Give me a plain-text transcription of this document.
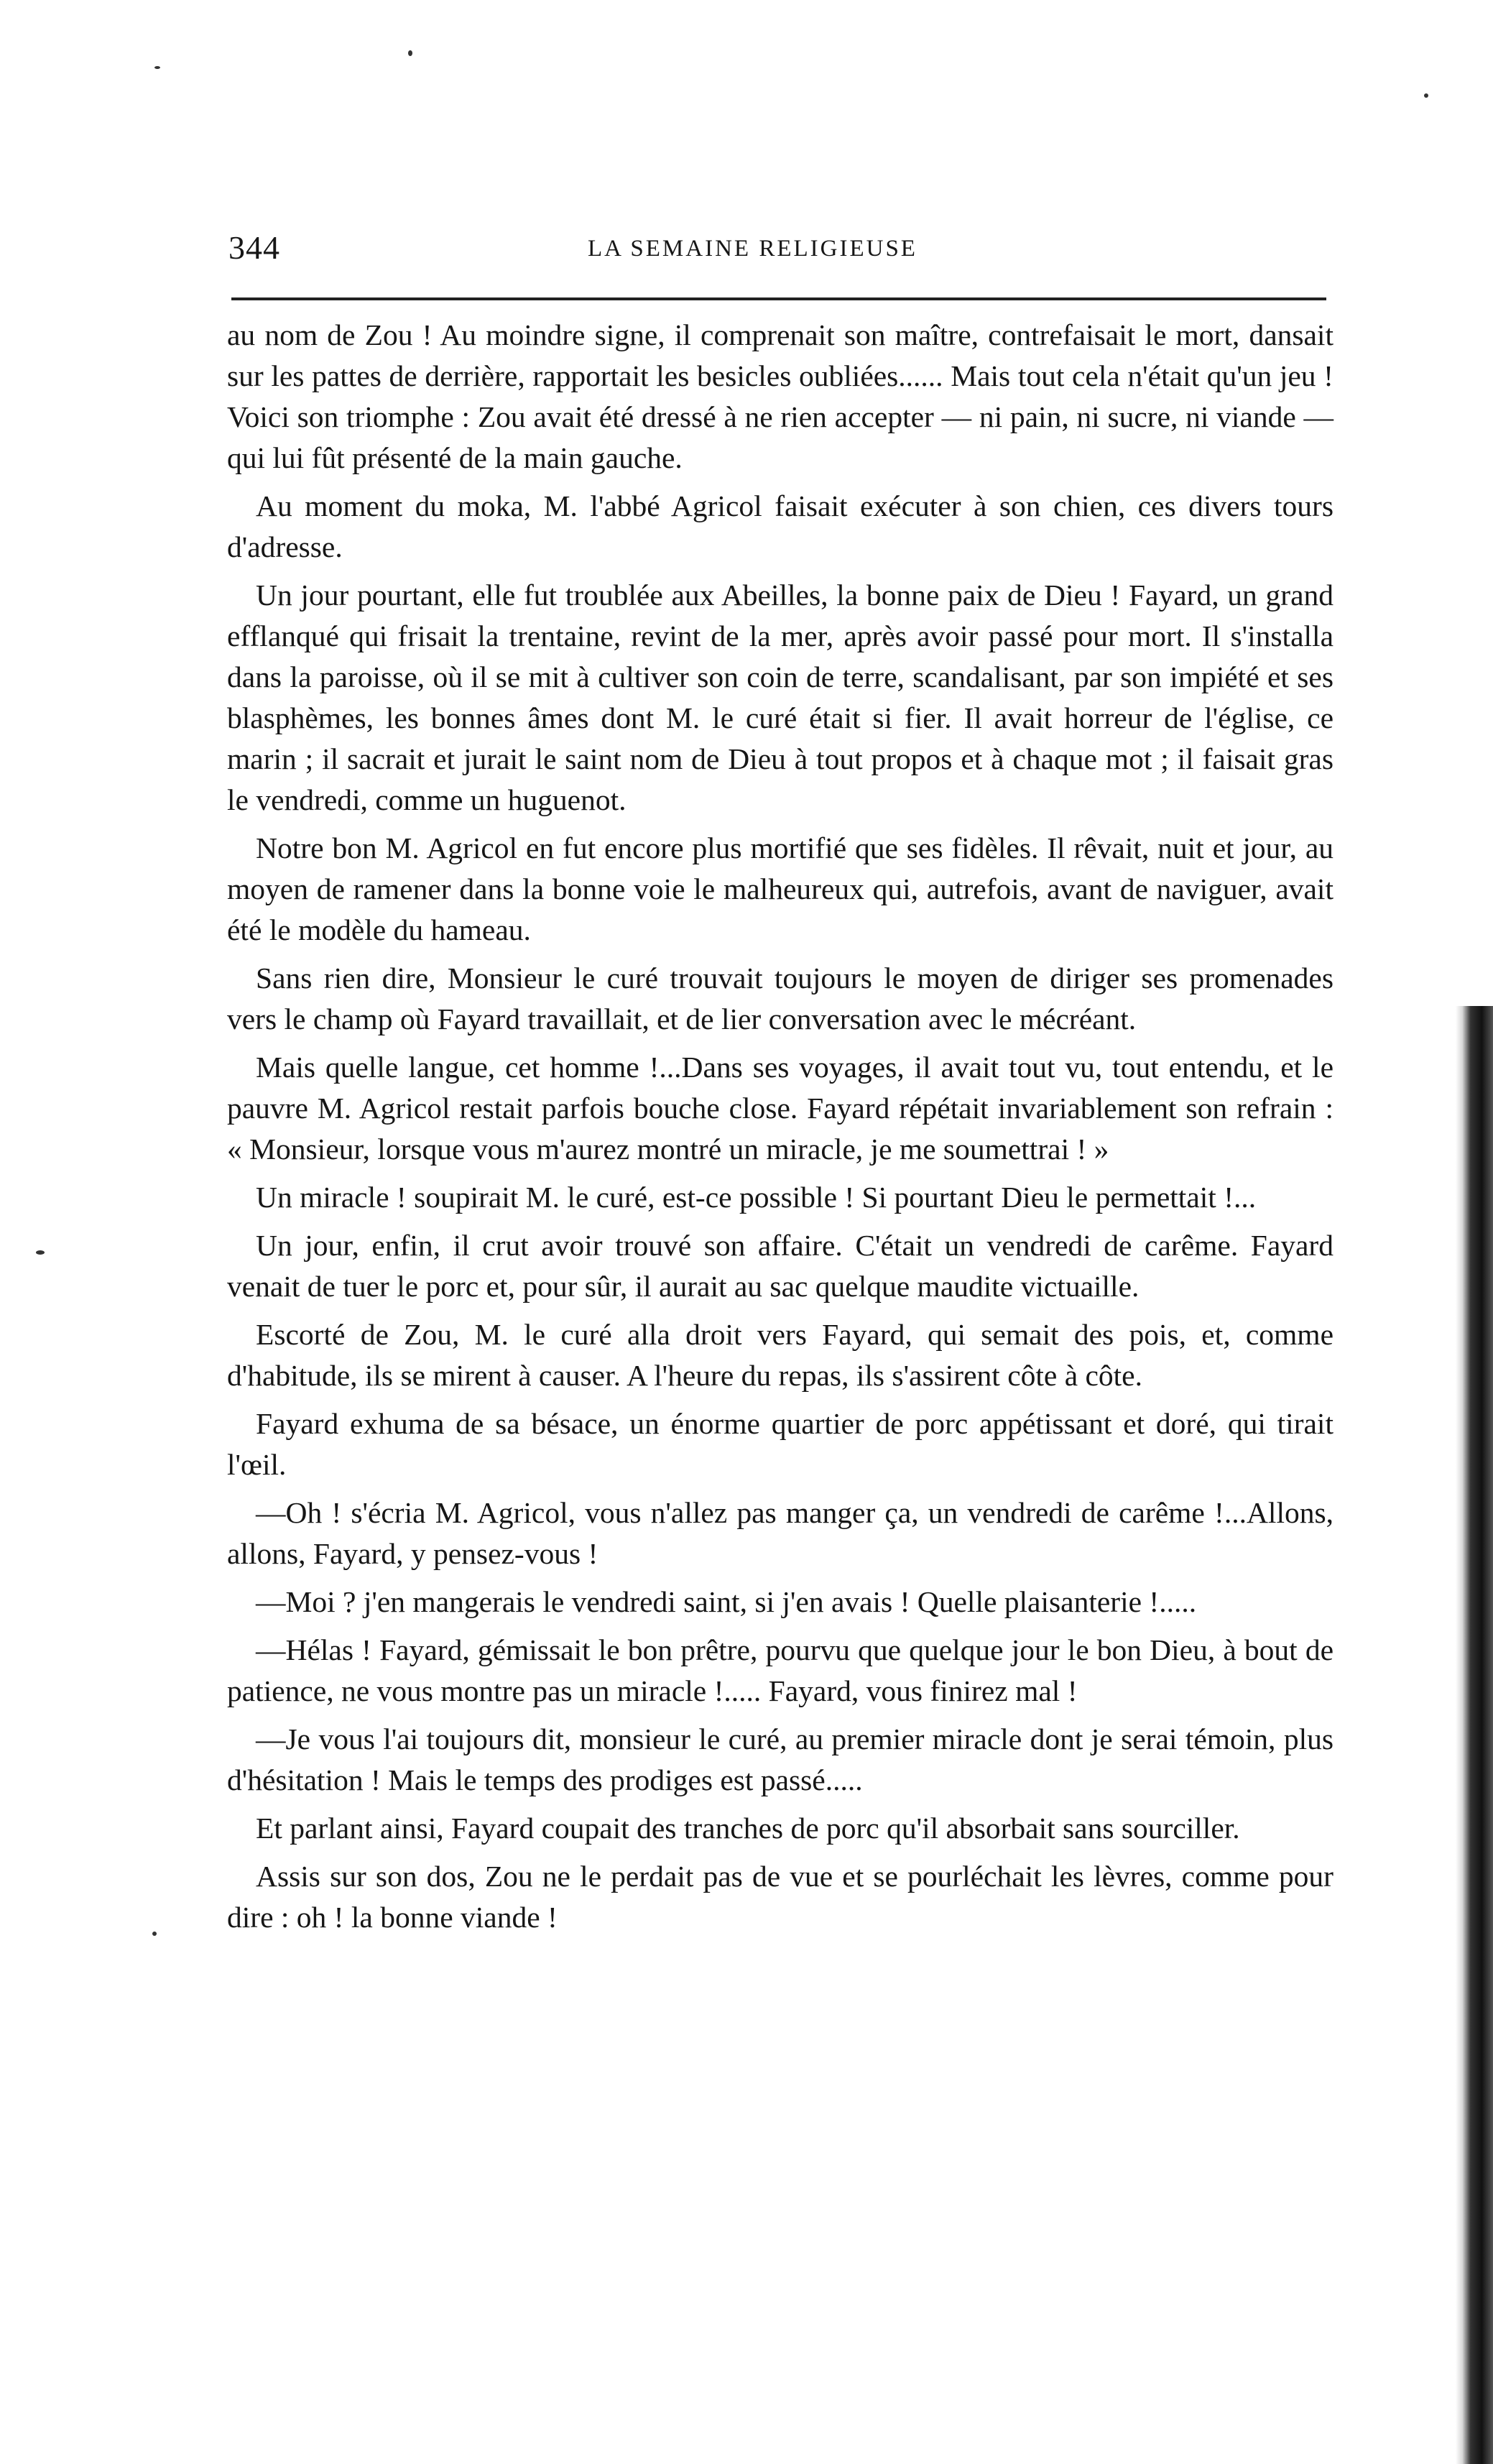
344	LA SEMAINE RELIGIEUSE

au nom de Zou ! Au moindre signe, il comprenait son maître, contrefaisait le mort, dansait sur les pattes de derrière, rapportait les besicles oubliées...... Mais tout cela n'était qu'un jeu ! Voici son triomphe : Zou avait été dressé à ne rien accepter — ni pain, ni sucre, ni viande — qui lui fût présenté de la main gauche.

Au moment du moka, M. l'abbé Agricol faisait exécuter à son chien, ces divers tours d'adresse.

Un jour pourtant, elle fut troublée aux Abeilles, la bonne paix de Dieu ! Fayard, un grand efflanqué qui frisait la trentaine, revint de la mer, après avoir passé pour mort. Il s'installa dans la paroisse, où il se mit à cultiver son coin de terre, scandalisant, par son impiété et ses blasphèmes, les bonnes âmes dont M. le curé était si fier. Il avait horreur de l'église, ce marin ; il sacrait et jurait le saint nom de Dieu à tout propos et à chaque mot ; il faisait gras le vendredi, comme un huguenot.

Notre bon M. Agricol en fut encore plus mortifié que ses fidèles. Il rêvait, nuit et jour, au moyen de ramener dans la bonne voie le malheureux qui, autrefois, avant de naviguer, avait été le modèle du hameau.

Sans rien dire, Monsieur le curé trouvait toujours le moyen de diriger ses promenades vers le champ où Fayard travaillait, et de lier conversation avec le mécréant.

Mais quelle langue, cet homme !...Dans ses voyages, il avait tout vu, tout entendu, et le pauvre M. Agricol restait parfois bouche close. Fayard répétait invariablement son refrain : « Monsieur, lorsque vous m'aurez montré un miracle, je me soumettrai ! »

Un miracle ! soupirait M. le curé, est-ce possible ! Si pourtant Dieu le permettait !...

Un jour, enfin, il crut avoir trouvé son affaire. C'était un vendredi de carême. Fayard venait de tuer le porc et, pour sûr, il aurait au sac quelque maudite victuaille.

Escorté de Zou, M. le curé alla droit vers Fayard, qui semait des pois, et, comme d'habitude, ils se mirent à causer. A l'heure du repas, ils s'assirent côte à côte.

Fayard exhuma de sa bésace, un énorme quartier de porc appétissant et doré, qui tirait l'œil.

—Oh ! s'écria M. Agricol, vous n'allez pas manger ça, un vendredi de carême !...Allons, allons, Fayard, y pensez-vous !

—Moi ? j'en mangerais le vendredi saint, si j'en avais ! Quelle plaisanterie !.....

—Hélas ! Fayard, gémissait le bon prêtre, pourvu que quelque jour le bon Dieu, à bout de patience, ne vous montre pas un miracle !..... Fayard, vous finirez mal !

—Je vous l'ai toujours dit, monsieur le curé, au premier miracle dont je serai témoin, plus d'hésitation ! Mais le temps des prodiges est passé.....

Et parlant ainsi, Fayard coupait des tranches de porc qu'il absorbait sans sourciller.

Assis sur son dos, Zou ne le perdait pas de vue et se pourléchait les lèvres, comme pour dire : oh ! la bonne viande !
